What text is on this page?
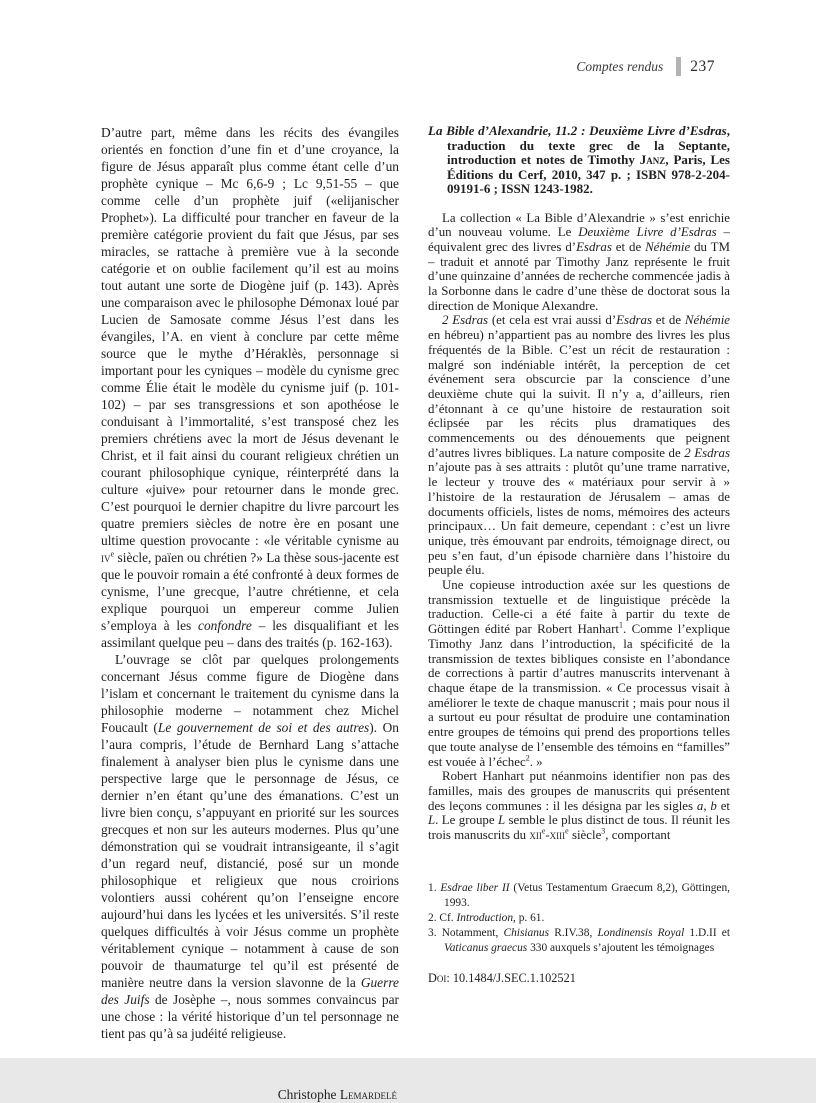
Comptes rendus 237

D’autre part, même dans les récits des évangiles orientés en fonction d’une fin et d’une croyance, la figure de Jésus apparaît plus comme étant celle d’un prophète cynique – Mc 6,6-9 ; Lc 9,51-55 – que comme celle d’un prophète juif («elijanischer Prophet»). La difficulté pour trancher en faveur de la première catégorie provient du fait que Jésus, par ses miracles, se rattache à première vue à la seconde catégorie et on oublie facilement qu’il est au moins tout autant une sorte de Diogène juif (p. 143). Après une comparaison avec le philosophe Démonax loué par Lucien de Samosate comme Jésus l’est dans les évangiles, l’A. en vient à conclure par cette même source que le mythe d’Héraklès, personnage si important pour les cyniques – modèle du cynisme grec comme Élie était le modèle du cynisme juif (p. 101-102) – par ses transgressions et son apothéose le conduisant à l’immortalité, s’est transposé chez les premiers chrétiens avec la mort de Jésus devenant le Christ, et il fait ainsi du courant religieux chrétien un courant philosophique cynique, réinterprété dans la culture «juive» pour retourner dans le monde grec. C’est pourquoi le dernier chapitre du livre parcourt les quatre premiers siècles de notre ère en posant une ultime question provocante : «le véritable cynisme au $iv^e$ siècle, païen ou chrétien ?» La thèse sous-jacente est que le pouvoir romain a été confronté à deux formes de cynisme, l’une grecque, l’autre chrétienne, et cela explique pourquoi un empereur comme Julien s’employa à les confondre – les disqualifiant et les assimilant quelque peu – dans des traités (p. 162-163).

L’ouvrage se clôt par quelques prolongements concernant Jésus comme figure de Diogène dans l’islam et concernant le traitement du cynisme dans la philosophie moderne – notamment chez Michel Foucault (Le gouvernement de soi et des autres). On l’aura compris, l’étude de Bernhard Lang s’attache finalement à analyser bien plus le cynisme dans une perspective large que le personnage de Jésus, ce dernier n’en étant qu’une des émanations. C’est un livre bien conçu, s’appuyant en priorité sur les sources grecques et non sur les auteurs modernes. Plus qu’une démonstration qui se voudrait intransigeante, il s’agit d’un regard neuf, distancié, posé sur un monde philosophique et religieux que nous croirions volontiers aussi cohérent qu’on l’enseigne encore aujourd’hui dans les lycées et les universités. S’il reste quelques difficultés à voir Jésus comme un prophète véritablement cynique – notamment à cause de son pouvoir de thaumaturge tel qu’il est présenté de manière neutre dans la version slavonne de la Guerre des Juifs de Josèphe –, nous sommes convaincus par une chose : la vérité historique d’un tel personnage ne tient pas qu’à sa judéité religieuse.

Christophe Lemardelé

La Bible d’Alexandrie, 11.2 : Deuxième Livre d’Esdras, traduction du texte grec de la Septante, introduction et notes de Timothy Janz, Paris, Les Éditions du Cerf, 2010, 347 p. ; ISBN 978-2-204-09191-6 ; ISSN 1243-1982.

La collection « La Bible d’Alexandrie » s’est enrichie d’un nouveau volume. Le Deuxième Livre d’Esdras – équivalent grec des livres d’Esdras et de Néhémie du TM – traduit et annoté par Timothy Janz représente le fruit d’une quinzaine d’années de recherche commencée jadis à la Sorbonne dans le cadre d’une thèse de doctorat sous la direction de Monique Alexandre.

2 Esdras (et cela est vrai aussi d’Esdras et de Néhémie en hébreu) n’appartient pas au nombre des livres les plus fréquentés de la Bible. C’est un récit de restauration : malgré son indéniable intérêt, la perception de cet événement sera obscurcie par la conscience d’une deuxième chute qui la suivit. Il n’y a, d’ailleurs, rien d’étonnant à ce qu’une histoire de restauration soit éclipsée par les récits plus dramatiques des commencements ou des dénouements que peignent d’autres livres bibliques. La nature composite de 2 Esdras n’ajoute pas à ses attraits : plutôt qu’une trame narrative, le lecteur y trouve des « matériaux pour servir à » l’histoire de la restauration de Jérusalem – amas de documents officiels, listes de noms, mémoires des acteurs principaux… Un fait demeure, cependant : c’est un livre unique, très émouvant par endroits, témoignage direct, ou peu s’en faut, d’un épisode charnière dans l’histoire du peuple élu.

Une copieuse introduction axée sur les questions de transmission textuelle et de linguistique précède la traduction. Celle-ci a été faite à partir du texte de Göttingen édité par Robert Hanhart$^1$. Comme l’explique Timothy Janz dans l’introduction, la spécificité de la transmission de textes bibliques consiste en l’abondance de corrections à partir d’autres manuscrits intervenant à chaque étape de la transmission. « Ce processus visait à améliorer le texte de chaque manuscrit ; mais pour nous il a surtout eu pour résultat de produire une contamination entre groupes de témoins qui prend des proportions telles que toute analyse de l’ensemble des témoins en “familles” est vouée à l’échec$^2$. »

Robert Hanhart put néanmoins identifier non pas des familles, mais des groupes de manuscrits qui présentent des leçons communes : il les désigna par les sigles a, b et L. Le groupe L semble le plus distinct de tous. Il réunit les trois manuscrits du xii$^e$-xiii$^e$ siècle$^3$, comportant

1. Esdrae liber II (Vetus Testamentum Graecum 8,2), Göttingen, 1993.

2. Cf. Introduction, p. 61.

3. Notamment, Chisianus R.IV.38, Londinensis Royal 1.D.II et Vaticanus graecus 330 auxquels s’ajoutent les témoignages

Doi: 10.1484/J.SEC.1.102521
